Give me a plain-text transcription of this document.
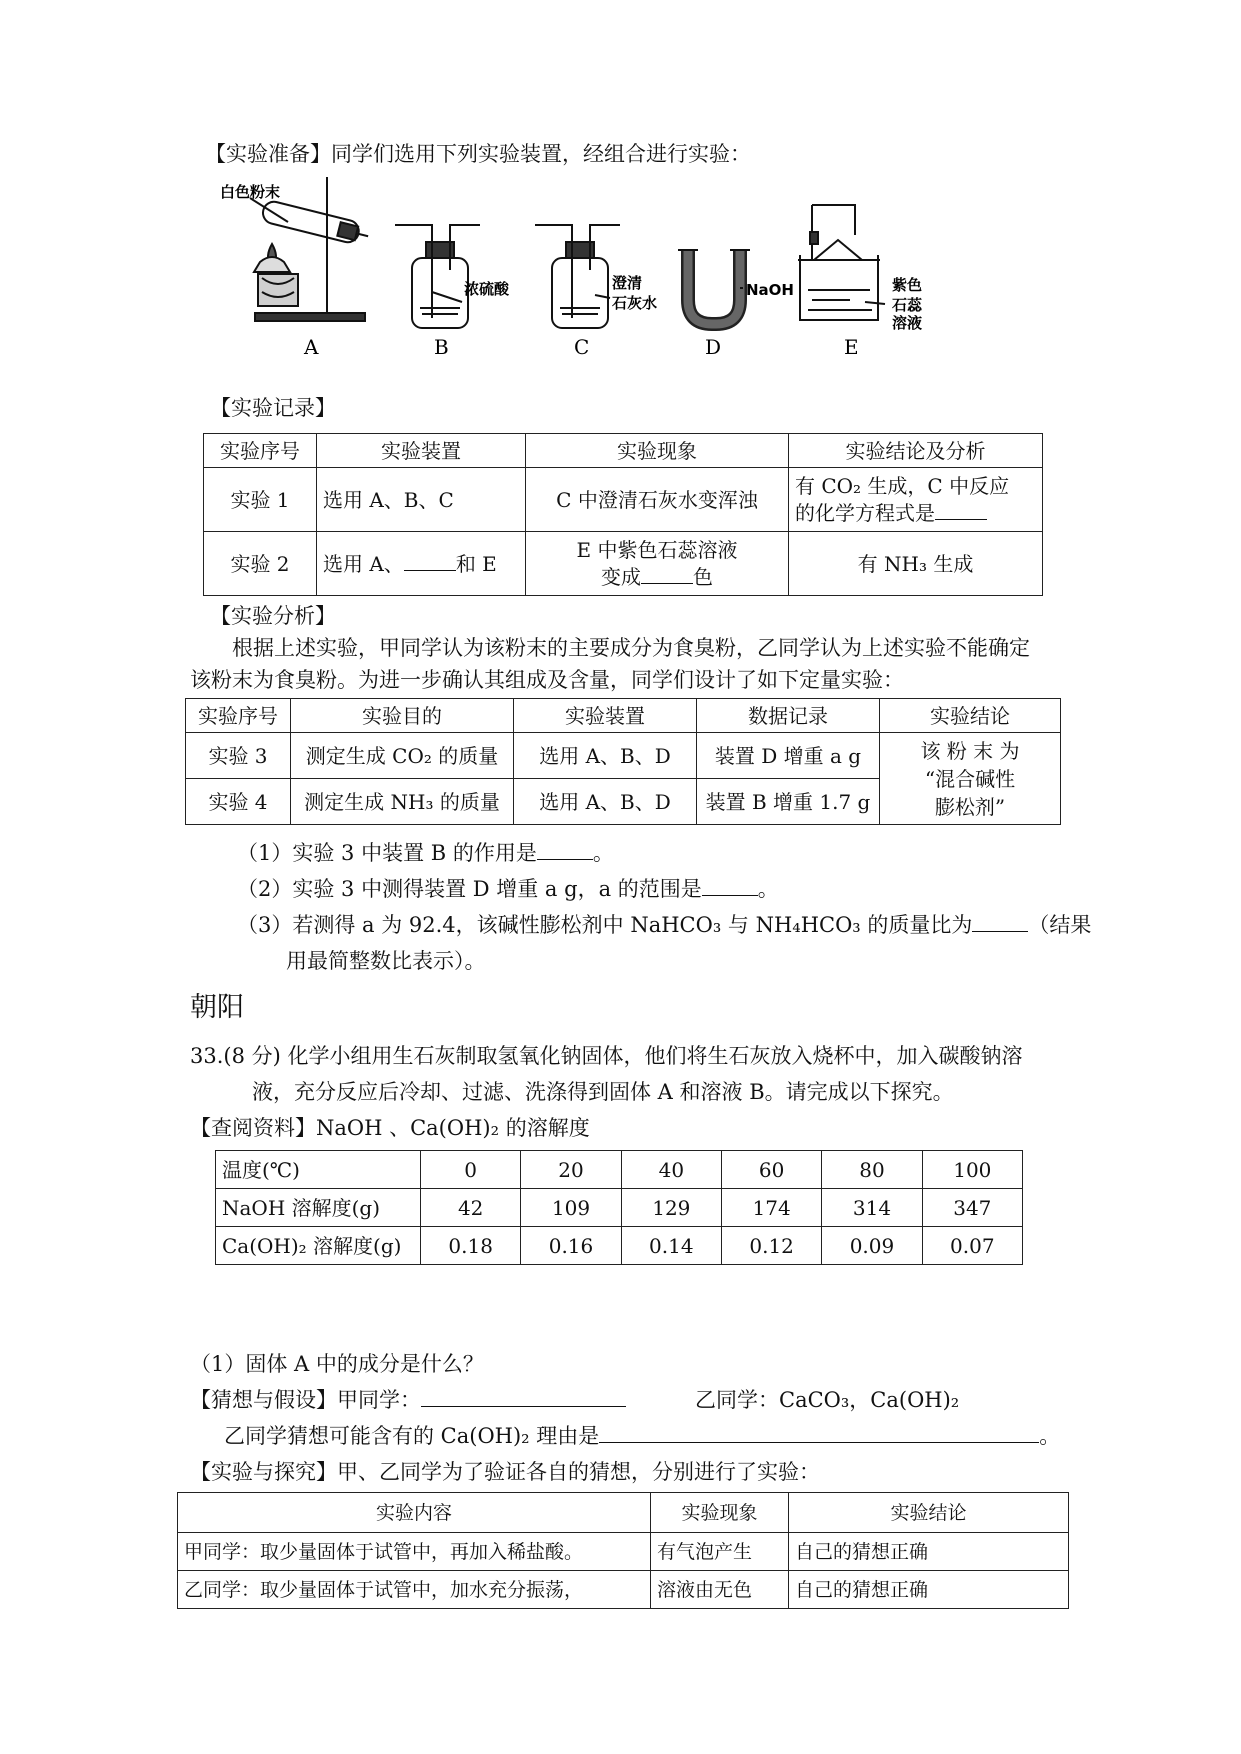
【实验准备】同学们选用下列实验装置，经组合进行实验：
白色粉末
浓硫酸	澄清
石灰水
NaOH	紫色
石蕊
溶液
A	B	C	D	E
【实验记录】
实验序号	实验装置	实验现象	实验结论及分析
实验 1	选用 A、B、C	C 中澄清石灰水变浑浊	有 CO₂ 生成，C 中反应
的化学方程式是

实验 2	选用 A、 和 E	E 中紫色石蕊溶液
变成 色	有 NH₃ 生成
【实验分析】
根据上述实验，甲同学认为该粉末的主要成分为食臭粉，乙同学认为上述实验不能确定
该粉末为食臭粉。为进一步确认其组成及含量，同学们设计了如下定量实验：
实验序号	实验目的	实验装置	数据记录	实验结论
实验 3	测定生成 CO₂ 的质量	选用 A、B、D	装置 D 增重 a g	该 粉 末 为
“混合碱性
膨松剂”

实验 4	测定生成 NH₃ 的质量	选用 A、B、D	装置 B 增重 1.7 g	
（1）实验 3 中装置 B 的作用是	。
（2）实验 3 中测得装置 D 增重 a g，a 的范围是	。
（3）若测得 a 为 92.4，该碱性膨松剂中 NaHCO₃ 与 NH₄HCO₃ 的质量比为	（结果
用最简整数比表示）。
朝阳
33.(8 分) 化学小组用生石灰制取氢氧化钠固体，他们将生石灰放入烧杯中，加入碳酸钠溶
液，充分反应后冷却、过滤、洗涤得到固体 A 和溶液 B。请完成以下探究。
【查阅资料】NaOH 、Ca(OH)₂ 的溶解度
温度(℃)	0	20	40	60	80	100
NaOH 溶解度(g)	42	109	129	174	314	347
Ca(OH)₂ 溶解度(g)	0.18	0.16	0.14	0.12	0.09	0.07
（1）固体 A 中的成分是什么？
【猜想与假设】甲同学：	乙同学：CaCO₃，Ca(OH)₂
乙同学猜想可能含有的 Ca(OH)₂ 理由是	。
【实验与探究】甲、乙同学为了验证各自的猜想，分别进行了实验：
实验内容	实验现象	实验结论
甲同学：取少量固体于试管中，再加入稀盐酸。	有气泡产生	自己的猜想正确
乙同学：取少量固体于试管中，加水充分振荡，	溶液由无色	自己的猜想正确
